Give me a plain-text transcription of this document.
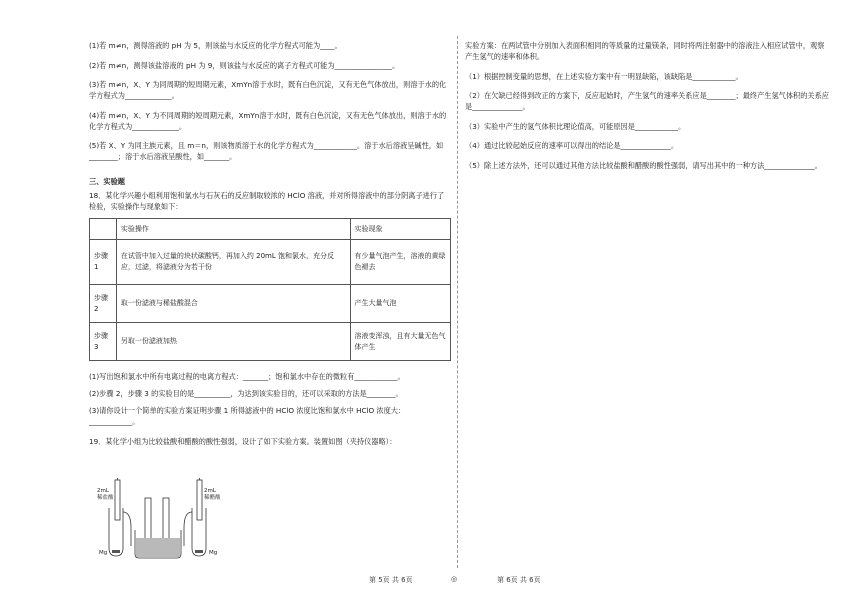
(1)若 m≠n，测得溶液的 pH 为 5，则该盐与水反应的化学方程式可能为____。

(2)若 m≠n，测得该盐溶液的 pH 为 9，则该盐与水反应的离子方程式可能为________________。

(3)若 m≠n，X、Y 为同周期的短周期元素，XmYn溶于水时，既有白色沉淀，又有无色气体放出，则溶于水的化学方程式为_____________。

(4)若 m≠n，X、Y 为不同周期的短周期元素，XmYn溶于水时，既有白色沉淀，又有无色气体放出，则溶于水的化学方程式为_____________。

(5)若 X、Y 为同主族元素，且 m＝n，则该物质溶于水的化学方程式为____________。溶于水后溶液呈碱性，如________；溶于水后溶液呈酸性，如_______。

三、实验题

18．某化学兴趣小组利用饱和氯水与石灰石的反应制取较浓的 HClO 溶液，并对所得溶液中的部分阴离子进行了检验，实验操作与现象如下：

	实验操作	实验现象
步骤1	在试管中加入过量的块状碳酸钙，再加入约 20mL 饱和氯水，充分反应，过滤，将滤液分为若干份	有少量气泡产生，溶液的黄绿色褪去
步骤2	取一份滤液与稀盐酸混合	产生大量气泡
步骤3	另取一份滤液加热	溶液变浑浊，且有大量无色气体产生

(1)写出饱和氯水中所有电离过程的电离方程式：_______；饱和氯水中存在的微粒有____________。

(2)步骤 2，步骤 3 的实验目的是__________，为达到该实验目的，还可以采取的方法是________。

(3)请你设计一个简单的实验方案证明步骤 1 所得滤液中的 HClO 浓度比饱和氯水中 HClO 浓度大：____________。

19．某化学小组为比较盐酸和醋酸的酸性强弱，设计了如下实验方案。装置如图（夹持仪器略）：

2mL
稀盐酸
2mL
稀醋酸
Mg	Mg

实验方案：在两试管中分别加入表面积相同的等质量的过量镁条，同时将两注射器中的溶液注入相应试管中，观察产生氢气的速率和体积。

（1）根据控制变量的思想，在上述实验方案中有一明显缺陷，该缺陷是____________。

（2）在欠缺已经得到改正的方案下，反应起始时，产生氢气的速率关系应是________；最终产生氢气体积的关系应是______________。

（3）实验中产生的氢气体积比理论值高，可能原因是____________。

（4）通过比较起始反应的速率可以得出的结论是______________。

（5）除上述方法外，还可以通过其他方法比较盐酸和醋酸的酸性强弱，请写出其中的一种方法______________。

第 5页 共 6页	◎	第 6页 共 6页
